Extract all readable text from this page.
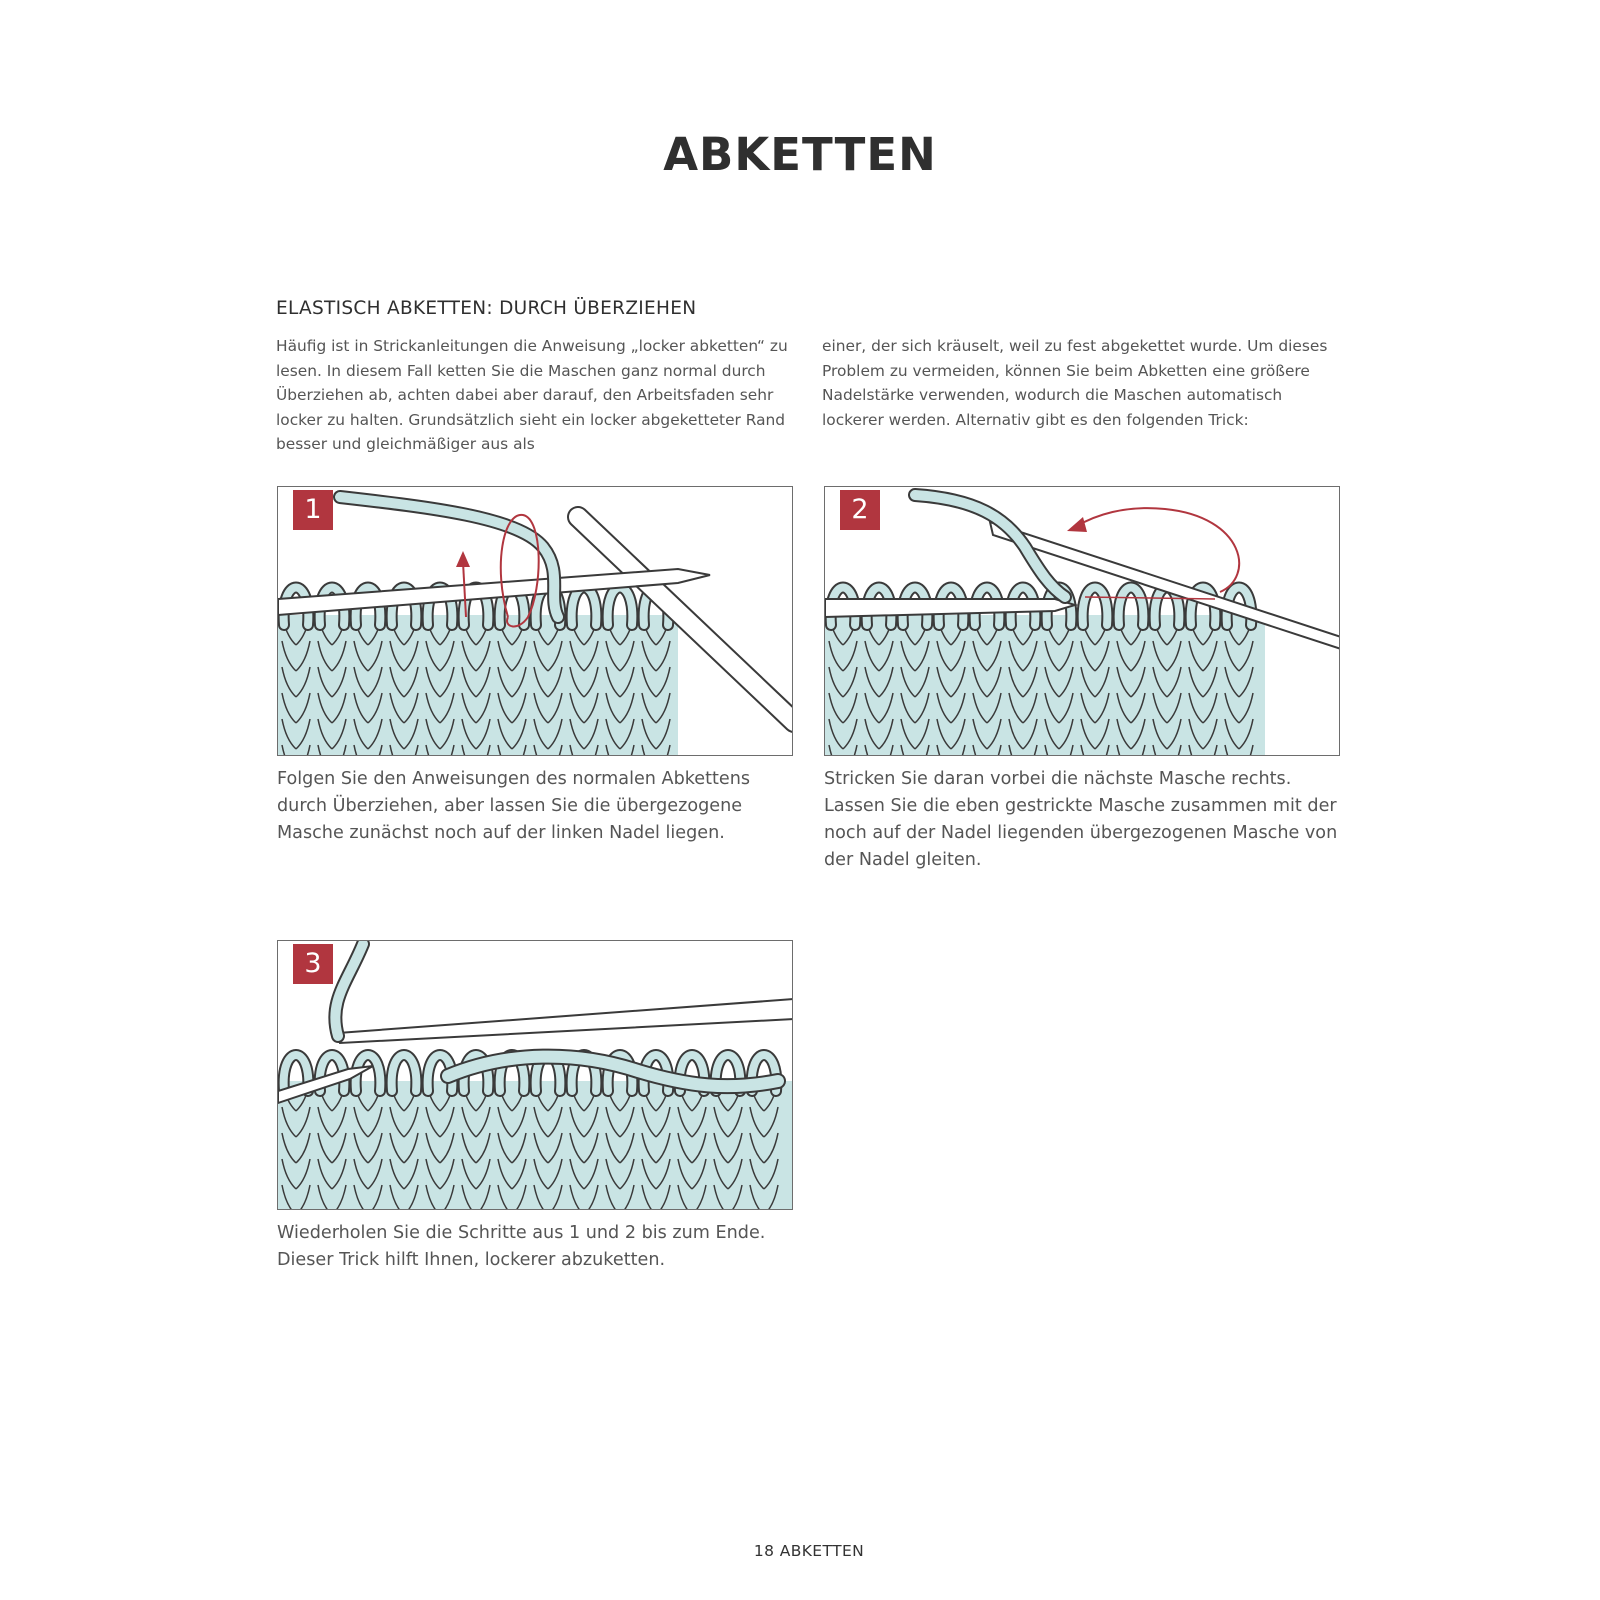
ABKETTEN
ELASTISCH ABKETTEN: DURCH ÜBERZIEHEN
Häufig ist in Strickanleitungen die Anweisung „locker abketten“ zu lesen. In diesem Fall ketten Sie die Maschen ganz normal durch Überziehen ab, achten dabei aber darauf, den Arbeitsfaden sehr locker zu halten. Grundsätzlich sieht ein locker abgeketteter Rand besser und gleichmäßiger aus als
einer, der sich kräuselt, weil zu fest abgekettet wurde. Um dieses Problem zu vermeiden, können Sie beim Abketten eine größere Nadelstärke verwenden, wodurch die Maschen automatisch lockerer werden. Alternativ gibt es den folgenden Trick:
1	2
3
Folgen Sie den Anweisungen des normalen Abkettens durch Überziehen, aber lassen Sie die übergezogene Masche zunächst noch auf der linken Nadel liegen.
Stricken Sie daran vorbei die nächste Masche rechts. Lassen Sie die eben gestrickte Masche zusammen mit der noch auf der Nadel liegenden übergezogenen Masche von der Nadel gleiten.
Wiederholen Sie die Schritte aus 1 und 2 bis zum Ende. Dieser Trick hilft Ihnen, lockerer abzuketten.
18 ABKETTEN
